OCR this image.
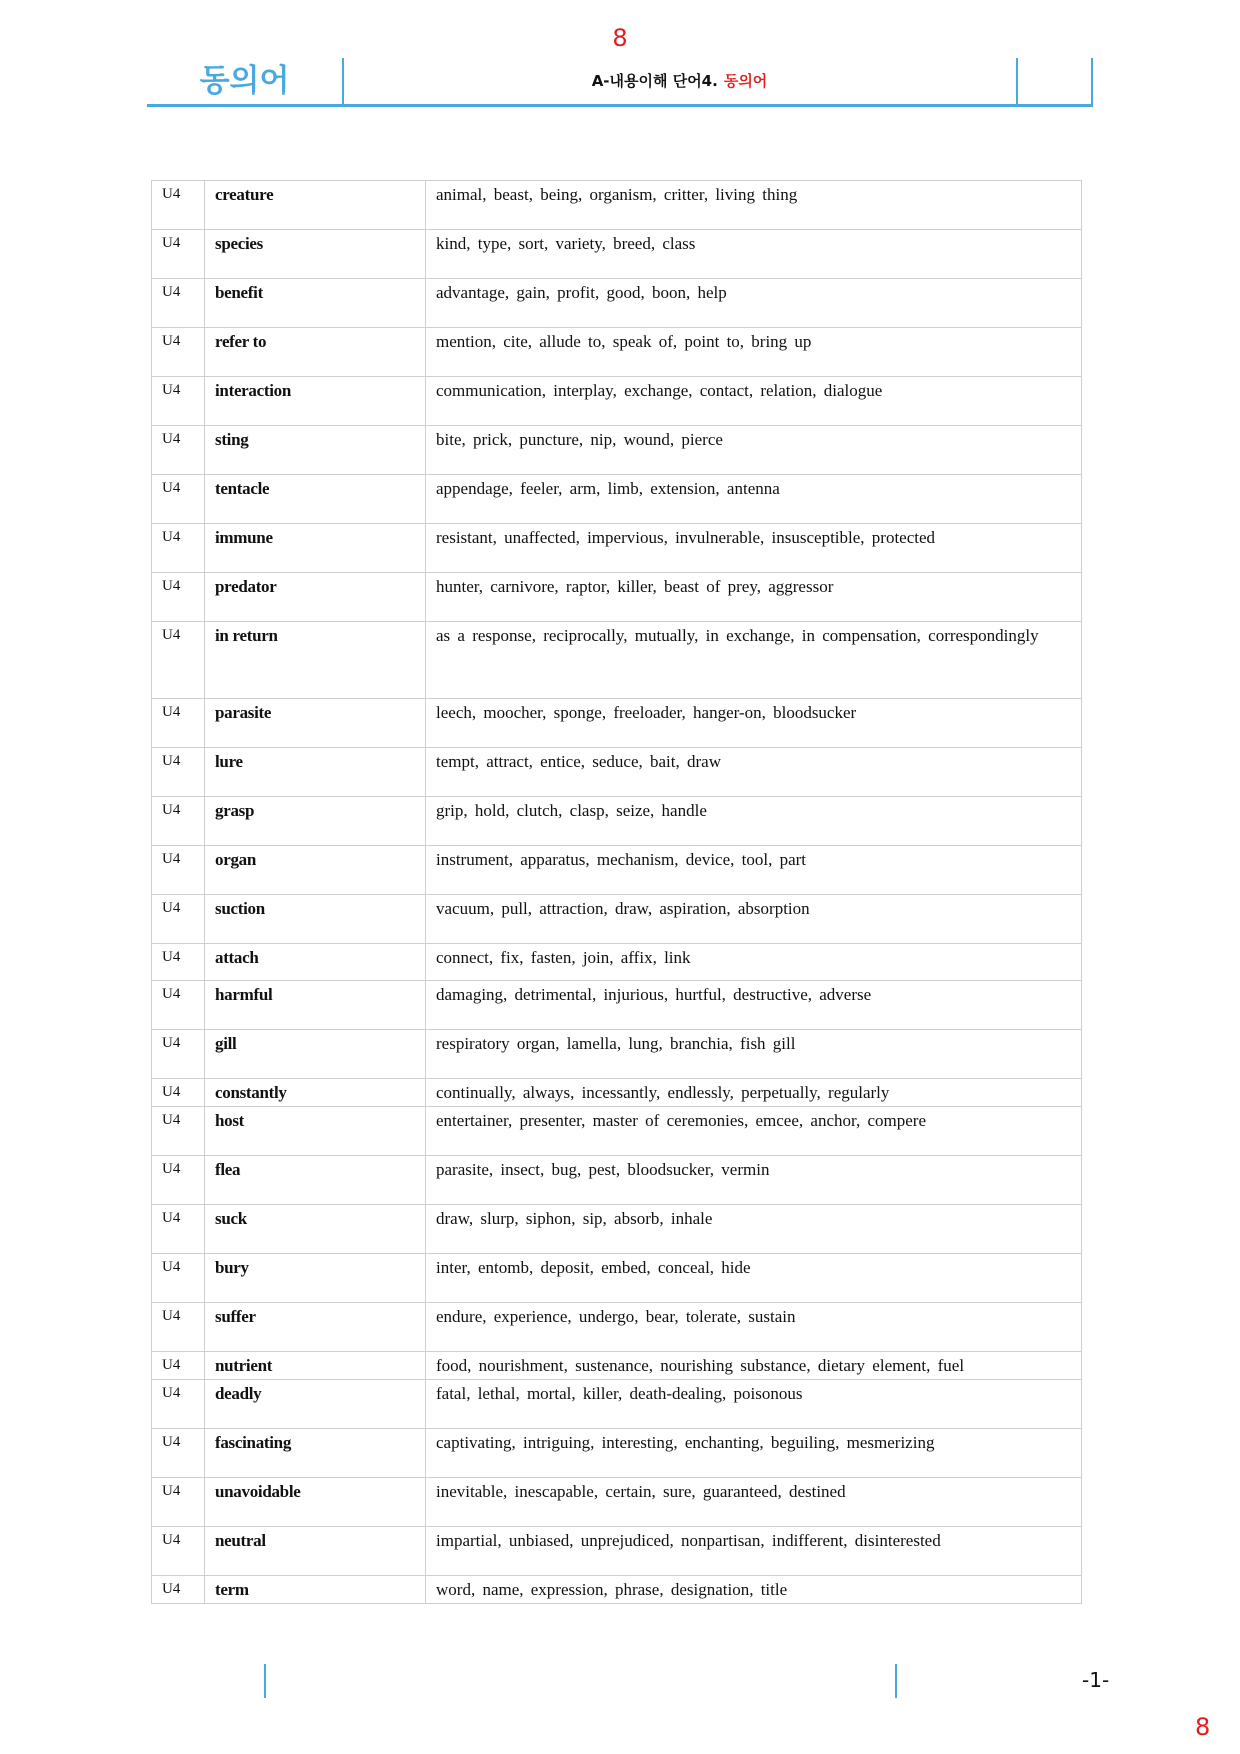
8
동의어	A-내용이해 단어4. 동의어
U4	creature	animal, beast, being, organism, critter, living thing
U4	species	kind, type, sort, variety, breed, class
U4	benefit	advantage, gain, profit, good, boon, help
U4	refer to	mention, cite, allude to, speak of, point to, bring up
U4	interaction	communication, interplay, exchange, contact, relation, dialogue
U4	sting	bite, prick, puncture, nip, wound, pierce
U4	tentacle	appendage, feeler, arm, limb, extension, antenna
U4	immune	resistant, unaffected, impervious, invulnerable, insusceptible, protected
U4	predator	hunter, carnivore, raptor, killer, beast of prey, aggressor
U4	in return	as a response, reciprocally, mutually, in exchange, in compensation, correspondingly
U4	parasite	leech, moocher, sponge, freeloader, hanger-on, bloodsucker
U4	lure	tempt, attract, entice, seduce, bait, draw
U4	grasp	grip, hold, clutch, clasp, seize, handle
U4	organ	instrument, apparatus, mechanism, device, tool, part
U4	suction	vacuum, pull, attraction, draw, aspiration, absorption
U4	attach	connect, fix, fasten, join, affix, link
U4	harmful	damaging, detrimental, injurious, hurtful, destructive, adverse
U4	gill	respiratory organ, lamella, lung, branchia, fish gill
U4	constantly	continually, always, incessantly, endlessly, perpetually, regularly
U4	host	entertainer, presenter, master of ceremonies, emcee, anchor, compere
U4	flea	parasite, insect, bug, pest, bloodsucker, vermin
U4	suck	draw, slurp, siphon, sip, absorb, inhale
U4	bury	inter, entomb, deposit, embed, conceal, hide
U4	suffer	endure, experience, undergo, bear, tolerate, sustain
U4	nutrient	food, nourishment, sustenance, nourishing substance, dietary element, fuel
U4	deadly	fatal, lethal, mortal, killer, death-dealing, poisonous
U4	fascinating	captivating, intriguing, interesting, enchanting, beguiling, mesmerizing
U4	unavoidable	inevitable, inescapable, certain, sure, guaranteed, destined
U4	neutral	impartial, unbiased, unprejudiced, nonpartisan, indifferent, disinterested
U4	term	word, name, expression, phrase, designation, title
-1-
8
